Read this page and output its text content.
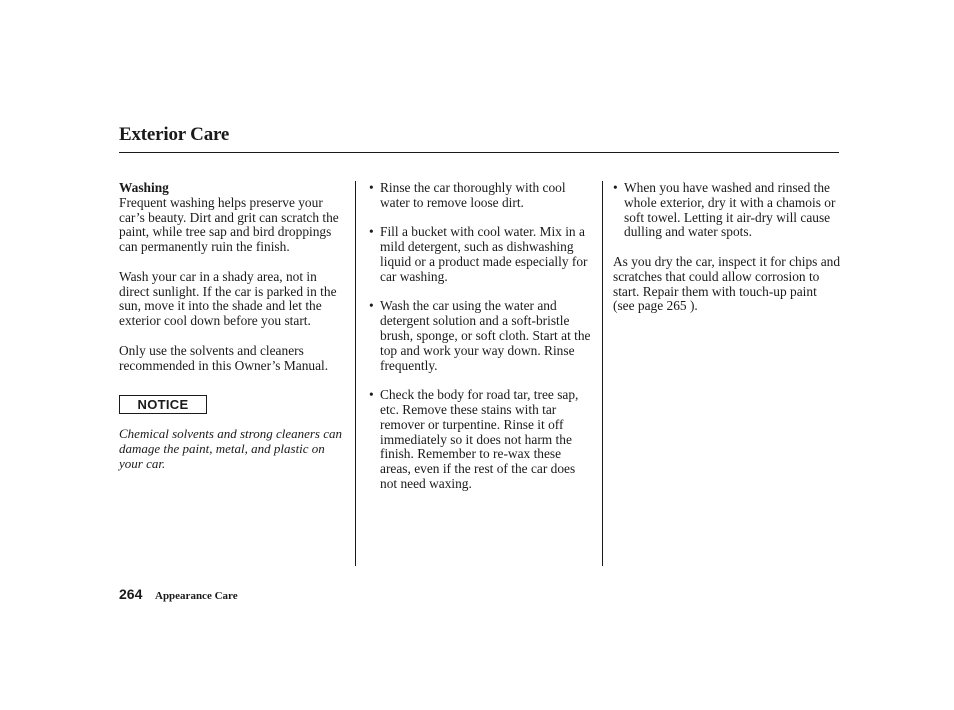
Exterior Care
Washing

Frequent washing helps preserve your car’s beauty. Dirt and grit can scratch the paint, while tree sap and bird droppings can permanently ruin the finish.

Wash your car in a shady area, not in direct sunlight. If the car is parked in the sun, move it into the shade and let the exterior cool down before you start.

Only use the solvents and cleaners recommended in this Owner’s Manual.

NOTICE
Chemical solvents and strong cleaners can damage the paint, metal, and plastic on your car.
• Rinse the car thoroughly with cool water to remove loose dirt.
• Fill a bucket with cool water. Mix in a mild detergent, such as dishwashing liquid or a product made especially for car washing.
• Wash the car using the water and detergent solution and a soft-bristle brush, sponge, or soft cloth. Start at the top and work your way down. Rinse frequently.
• Check the body for road tar, tree sap, etc. Remove these stains with tar remover or turpentine. Rinse it off immediately so it does not harm the finish. Remember to re-wax these areas, even if the rest of the car does not need waxing.
• When you have washed and rinsed the whole exterior, dry it with a chamois or soft towel. Letting it air-dry will cause dulling and water spots.

As you dry the car, inspect it for chips and scratches that could allow corrosion to start. Repair them with touch-up paint (see page 265 ).

264 Appearance Care
